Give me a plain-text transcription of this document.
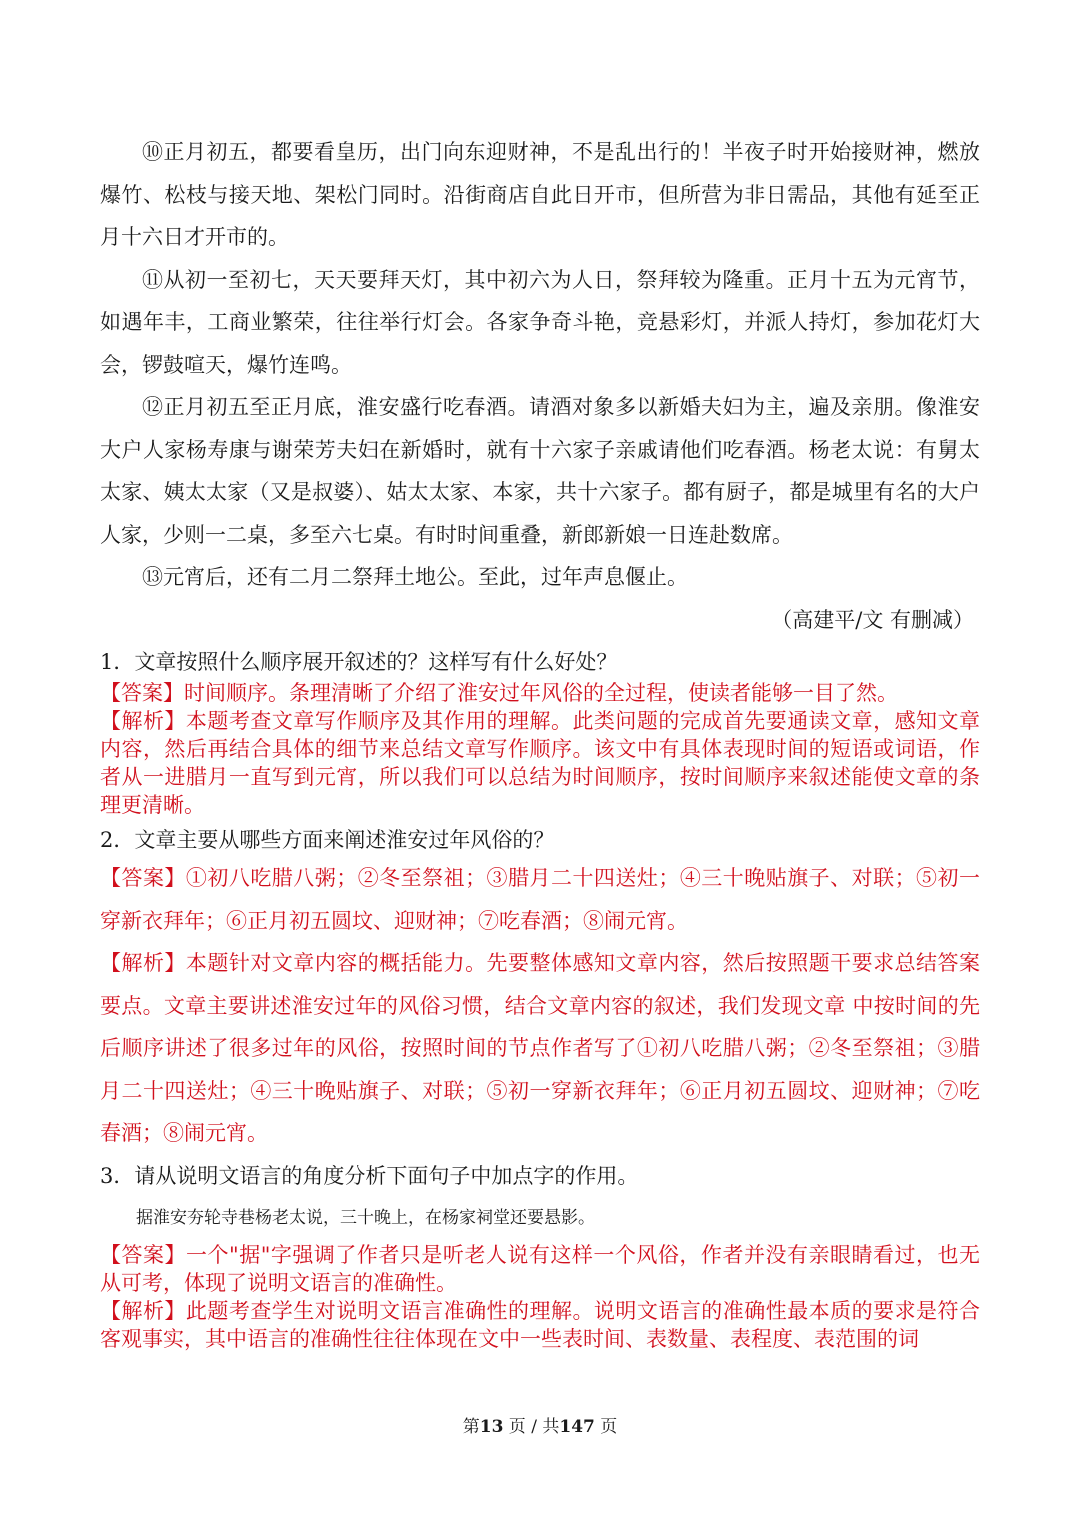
⑩正月初五，都要看皇历，出门向东迎财神，不是乱出行的！半夜子时开始接财神，燃放爆竹、松枝与接天地、架松门同时。沿街商店自此日开市，但所营为非日需品，其他有延至正月十六日才开市的。

⑪从初一至初七，天天要拜天灯，其中初六为人日，祭拜较为隆重。正月十五为元宵节，如遇年丰，工商业繁荣，往往举行灯会。各家争奇斗艳，竞悬彩灯，并派人持灯，参加花灯大会，锣鼓喧天，爆竹连鸣。

⑫正月初五至正月底，淮安盛行吃春酒。请酒对象多以新婚夫妇为主，遍及亲朋。像淮安大户人家杨寿康与谢荣芳夫妇在新婚时，就有十六家子亲戚请他们吃春酒。杨老太说：有舅太太家、姨太太家（又是叔婆）、姑太太家、本家，共十六家子。都有厨子，都是城里有名的大户人家，少则一二桌，多至六七桌。有时时间重叠，新郎新娘一日连赴数席。

⑬元宵后，还有二月二祭拜土地公。至此，过年声息偃止。

（高建平/文 有删减）

1．文章按照什么顺序展开叙述的？这样写有什么好处？

【答案】时间顺序。条理清晰了介绍了淮安过年风俗的全过程，使读者能够一目了然。

【解析】本题考查文章写作顺序及其作用的理解。此类问题的完成首先要通读文章，感知文章内容，然后再结合具体的细节来总结文章写作顺序。该文中有具体表现时间的短语或词语，作者从一进腊月一直写到元宵，所以我们可以总结为时间顺序，按时间顺序来叙述能使文章的条理更清晰。

2．文章主要从哪些方面来阐述淮安过年风俗的？

【答案】①初八吃腊八粥；②冬至祭祖；③腊月二十四送灶；④三十晚贴旗子、对联；⑤初一穿新衣拜年；⑥正月初五圆坟、迎财神；⑦吃春酒；⑧闹元宵。

【解析】本题针对文章内容的概括能力。先要整体感知文章内容，然后按照题干要求总结答案要点。文章主要讲述淮安过年的风俗习惯，结合文章内容的叙述，我们发现文章 中按时间的先后顺序讲述了很多过年的风俗，按照时间的节点作者写了①初八吃腊八粥；②冬至祭祖；③腊月二十四送灶；④三十晚贴旗子、对联；⑤初一穿新衣拜年；⑥正月初五圆坟、迎财神；⑦吃春酒；⑧闹元宵。

3．请从说明文语言的角度分析下面句子中加点字的作用。

据淮安夯轮寺巷杨老太说，三十晚上，在杨家祠堂还要悬影。

【答案】一个"据"字强调了作者只是听老人说有这样一个风俗，作者并没有亲眼睛看过，也无从可考，体现了说明文语言的准确性。

【解析】此题考查学生对说明文语言准确性的理解。说明文语言的准确性最本质的要求是符合客观事实，其中语言的准确性往往体现在文中一些表时间、表数量、表程度、表范围的词

第13 页 / 共147 页
